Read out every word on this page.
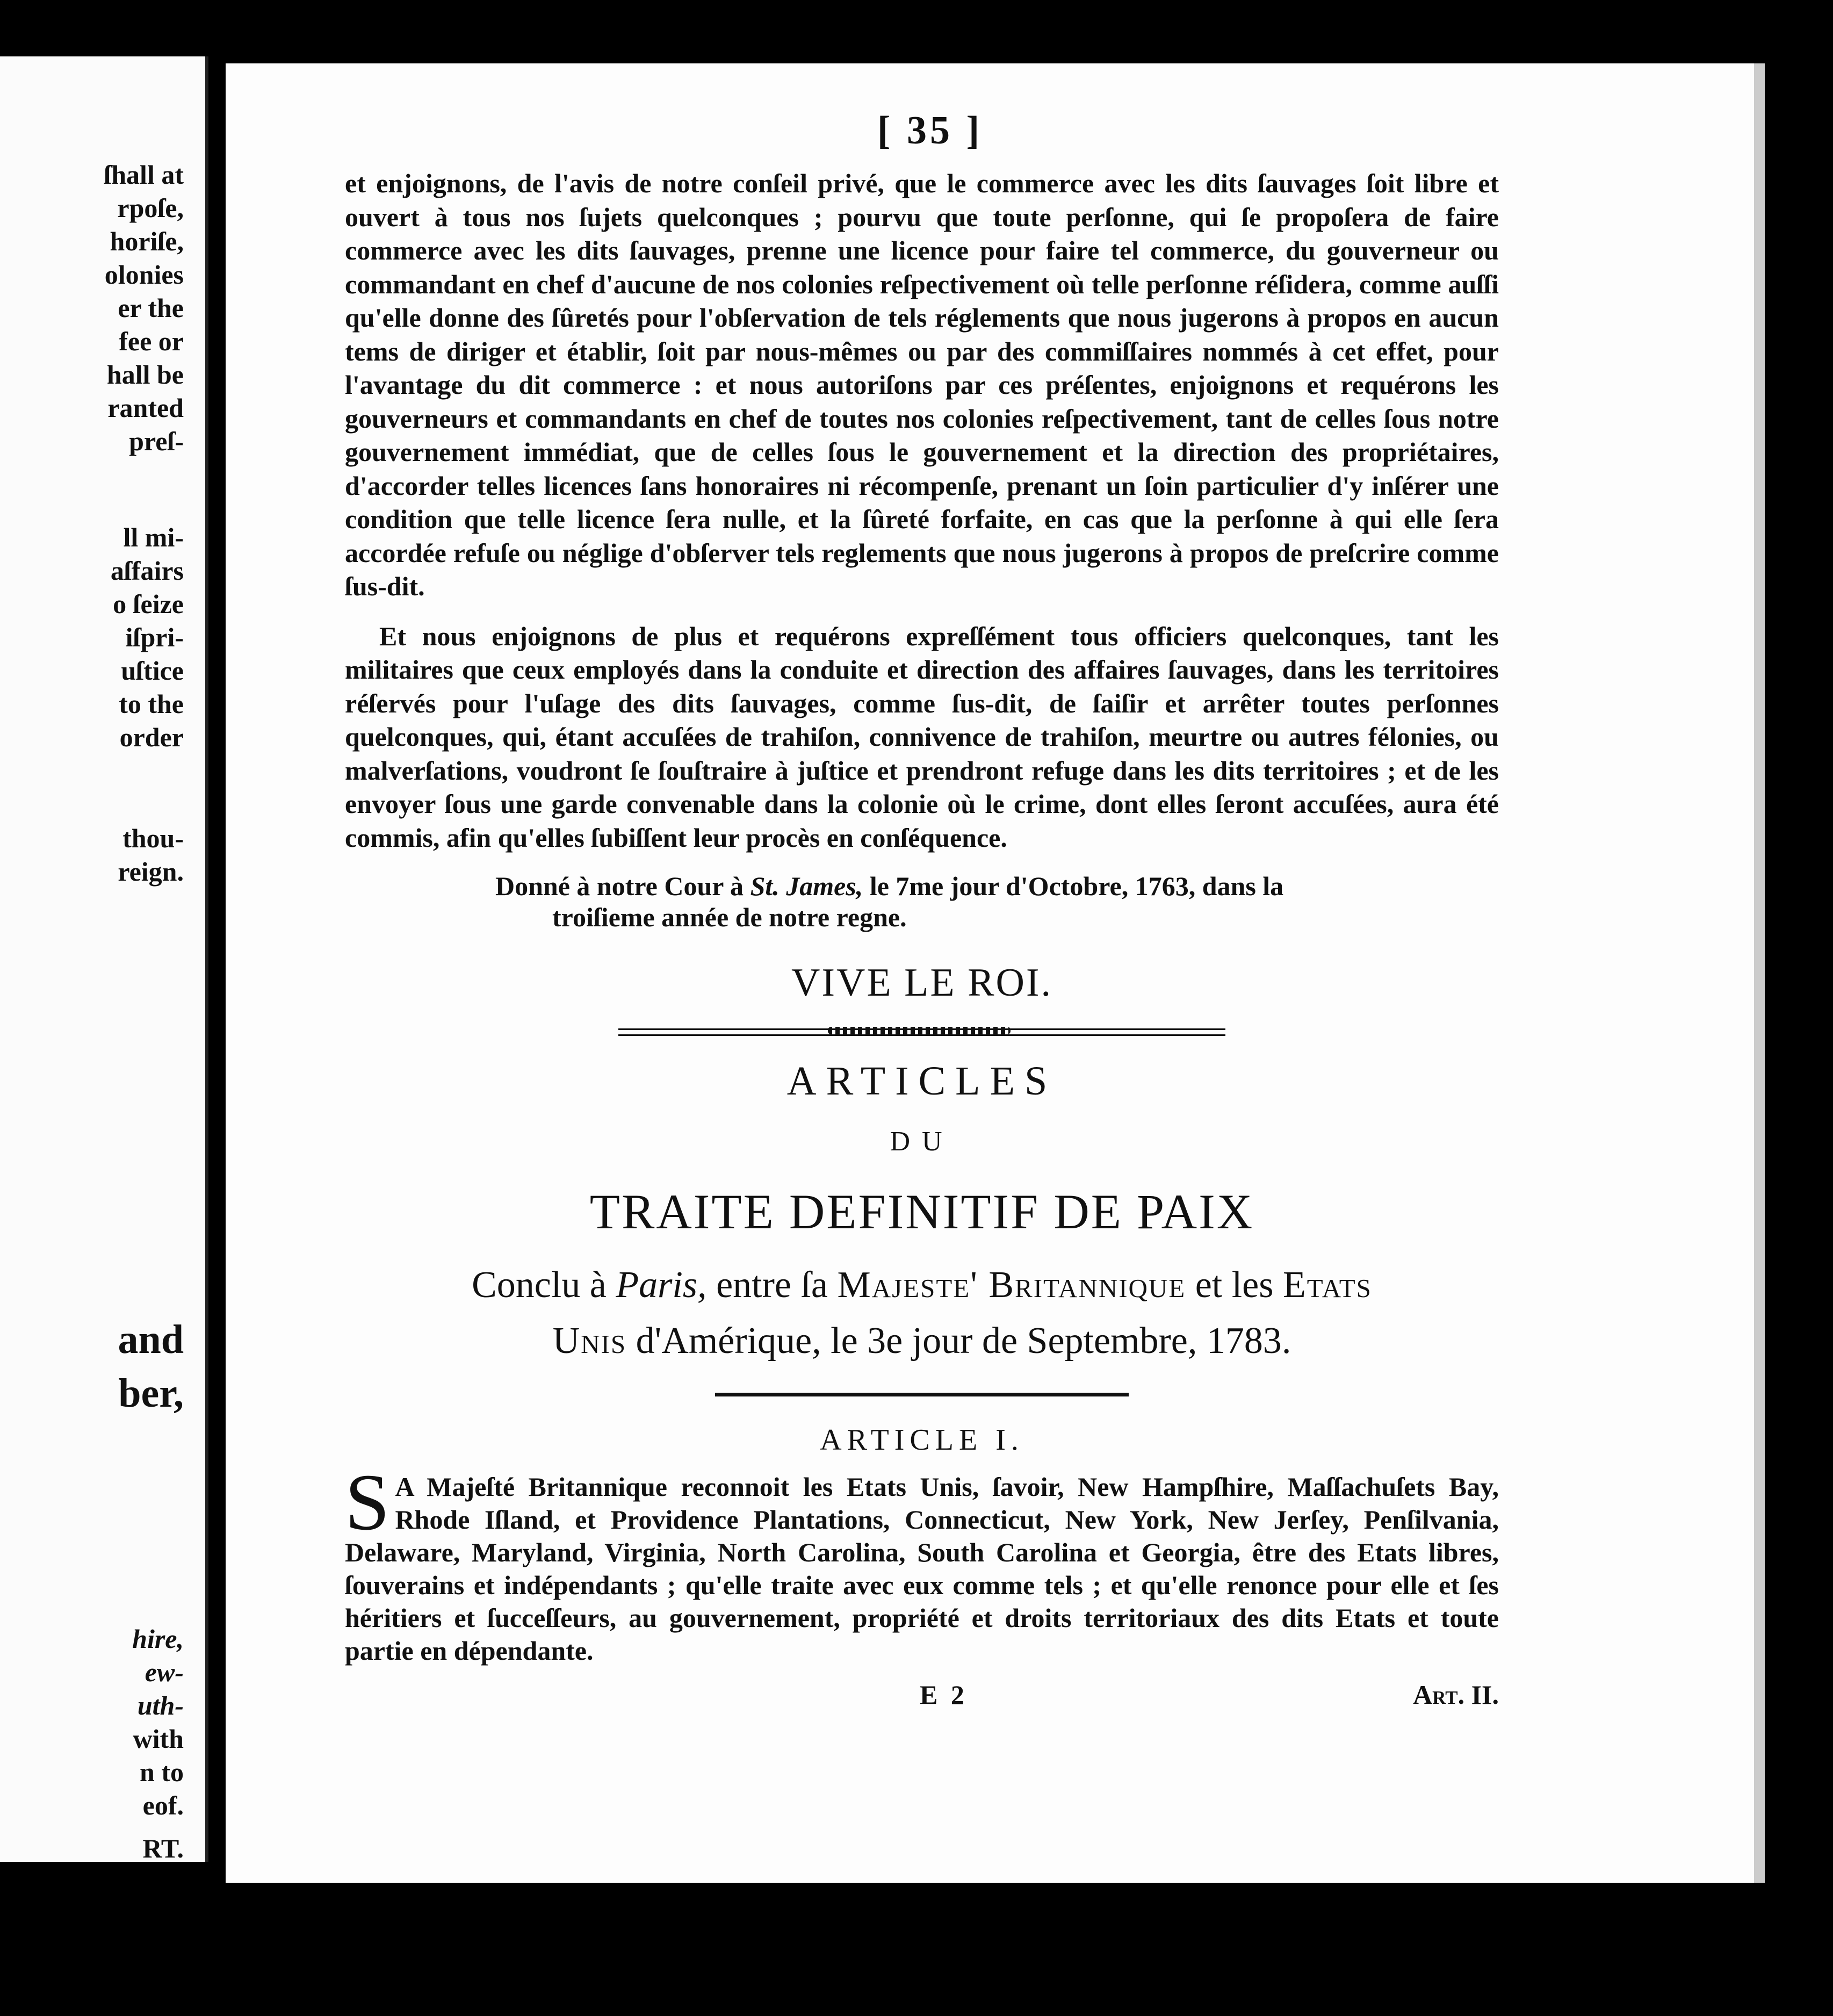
ſhall at
rpoſe,
horiſe,
olonies
er the
fee or
hall be
ranted
preſ-
ll mi-
aſfairs
o ſeize
iſpri-
uſtice
to the
order
thou-
reign.
and
ber,
hire,
ew-
uth-
with
n to
eof.
RT.
[ 35 ]

et enjoignons, de l'avis de notre conſeil privé, que le commerce avec les dits ſauvages ſoit libre et ouvert à tous nos ſujets quelconques ; pourvu que toute perſonne, qui ſe propoſera de faire commerce avec les dits ſauvages, prenne une licence pour faire tel commerce, du gouverneur ou commandant en chef d'aucune de nos colonies reſpectivement où telle perſonne réſidera, comme auſſi qu'elle donne des ſûretés pour l'obſervation de tels réglements que nous jugerons à propos en aucun tems de diriger et établir, ſoit par nous-mêmes ou par des commiſſaires nommés à cet effet, pour l'avantage du dit commerce : et nous autoriſons par ces préſentes, enjoignons et requérons les gouverneurs et commandants en chef de toutes nos colonies reſpectivement, tant de celles ſous notre gouvernement immédiat, que de celles ſous le gouvernement et la direction des propriétaires, d'accorder telles licences ſans honoraires ni récompenſe, prenant un ſoin particulier d'y inſérer une condition que telle licence ſera nulle, et la ſûreté forfaite, en cas que la perſonne à qui elle ſera accordée refuſe ou néglige d'obſerver tels reglements que nous jugerons à propos de preſcrire comme ſus-dit.

Et nous enjoignons de plus et requérons expreſſément tous officiers quelconques, tant les militaires que ceux employés dans la conduite et direction des affaires ſauvages, dans les territoires réſervés pour l'uſage des dits ſauvages, comme ſus-dit, de ſaiſir et arrêter toutes perſonnes quelconques, qui, étant accuſées de trahiſon, connivence de trahiſon, meurtre ou autres félonies, ou malverſations, voudront ſe ſouſtraire à juſtice et prendront refuge dans les dits territoires ; et de les envoyer ſous une garde convenable dans la colonie où le crime, dont elles ſeront accuſées, aura été commis, afin qu'elles ſubiſſent leur procès en conſéquence.

Donné à notre Cour à St. James, le 7me jour d'Octobre, 1763, dans la
troiſieme année de notre regne.
VIVE LE ROI.
ARTICLES
DU
TRAITE DEFINITIF DE PAIX
Conclu à Paris, entre ſa Majeste' Britannique et les Etats
Unis d'Amérique, le 3e jour de Septembre, 1783.
ARTICLE I.
S A Majeſté Britannique reconnoit les Etats Unis, ſavoir, New Hampſhire, Maſſachuſets Bay, Rhode Iſland, et Providence Plantations, Connecticut, New York, New Jerſey, Penſilvania, Delaware, Maryland, Virginia, North Carolina, South Carolina et Georgia, être des Etats libres, ſouverains et indépendants ; qu'elle traite avec eux comme tels ; et qu'elle renonce pour elle et ſes héritiers et ſucceſſeurs, au gouvernement, propriété et droits territoriaux des dits Etats et toute partie en dépendante.
E 2	Art. II.
